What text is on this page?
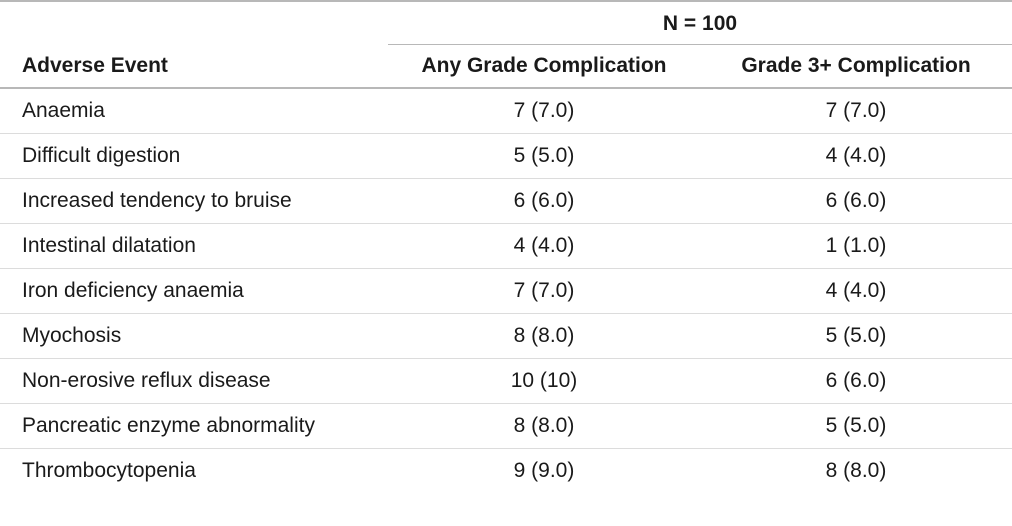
	N = 100	
Adverse Event	Any Grade Complication	Grade 3+ Complication
Anaemia	7 (7.0)	7 (7.0)
Difficult digestion	5 (5.0)	4 (4.0)
Increased tendency to bruise	6 (6.0)	6 (6.0)
Intestinal dilatation	4 (4.0)	1 (1.0)
Iron deficiency anaemia	7 (7.0)	4 (4.0)
Myochosis	8 (8.0)	5 (5.0)
Non-erosive reflux disease	10 (10)	6 (6.0)
Pancreatic enzyme abnormality	8 (8.0)	5 (5.0)
Thrombocytopenia	9 (9.0)	8 (8.0)
